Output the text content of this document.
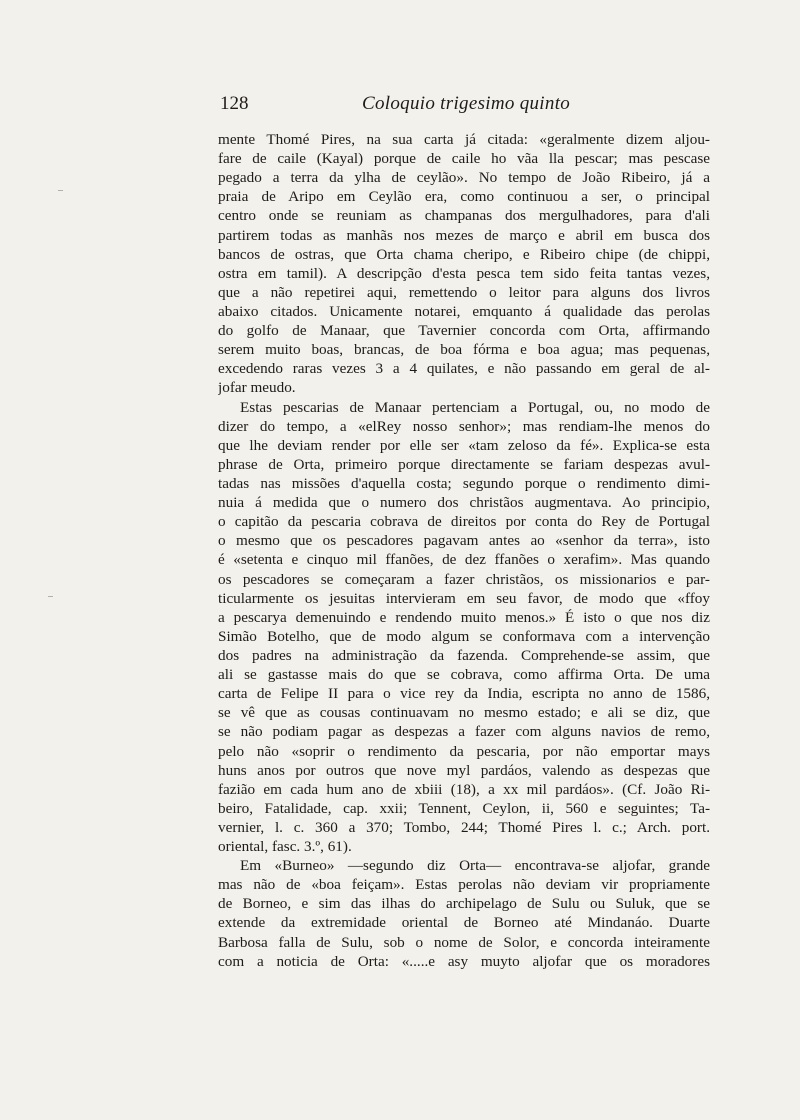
128	Coloquio trigesimo quinto
mente Thomé Pires, na sua carta já citada: «geralmente dizem aljou-
fare de caile (Kayal) porque de caile ho vãa lla pescar; mas pescase
pegado a terra da ylha de ceylão». No tempo de João Ribeiro, já a
praia de Aripo em Ceylão era, como continuou a ser, o principal
centro onde se reuniam as champanas dos mergulhadores, para d'ali
partirem todas as manhãs nos mezes de março e abril em busca dos
bancos de ostras, que Orta chama cheripo, e Ribeiro chipe (de chippi,
ostra em tamil). A descripção d'esta pesca tem sido feita tantas vezes,
que a não repetirei aqui, remettendo o leitor para alguns dos livros
abaixo citados. Unicamente notarei, emquanto á qualidade das perolas
do golfo de Manaar, que Tavernier concorda com Orta, affirmando
serem muito boas, brancas, de boa fórma e boa agua; mas pequenas,
excedendo raras vezes 3 a 4 quilates, e não passando em geral de al-
jofar meudo.
Estas pescarias de Manaar pertenciam a Portugal, ou, no modo de
dizer do tempo, a «elRey nosso senhor»; mas rendiam-lhe menos do
que lhe deviam render por elle ser «tam zeloso da fé». Explica-se esta
phrase de Orta, primeiro porque directamente se fariam despezas avul-
tadas nas missões d'aquella costa; segundo porque o rendimento dimi-
nuia á medida que o numero dos christãos augmentava. Ao principio,
o capitão da pescaria cobrava de direitos por conta do Rey de Portugal
o mesmo que os pescadores pagavam antes ao «senhor da terra», isto
é «setenta e cinquo mil ffanões, de dez ffanões o xerafim». Mas quando
os pescadores se começaram a fazer christãos, os missionarios e par-
ticularmente os jesuitas intervieram em seu favor, de modo que «ffoy
a pescarya demenuindo e rendendo muito menos.» É isto o que nos diz
Simão Botelho, que de modo algum se conformava com a intervenção
dos padres na administração da fazenda. Comprehende-se assim, que
ali se gastasse mais do que se cobrava, como affirma Orta. De uma
carta de Felipe II para o vice rey da India, escripta no anno de 1586,
se vê que as cousas continuavam no mesmo estado; e ali se diz, que
se não podiam pagar as despezas a fazer com alguns navios de remo,
pelo não «soprir o rendimento da pescaria, por não emportar mays
huns anos por outros que nove myl pardáos, valendo as despezas que
fazião em cada hum ano de xbiii (18), a xx mil pardáos». (Cf. João Ri-
beiro, Fatalidade, cap. xxii; Tennent, Ceylon, ii, 560 e seguintes; Ta-
vernier, l. c. 360 a 370; Tombo, 244; Thomé Pires l. c.; Arch. port.
oriental, fasc. 3.º, 61).
Em «Burneo» —segundo diz Orta— encontrava-se aljofar, grande
mas não de «boa feiçam». Estas perolas não deviam vir propriamente
de Borneo, e sim das ilhas do archipelago de Sulu ou Suluk, que se
extende da extremidade oriental de Borneo até Mindanáo. Duarte
Barbosa falla de Sulu, sob o nome de Solor, e concorda inteiramente
com a noticia de Orta: «.....e asy muyto aljofar que os moradores
